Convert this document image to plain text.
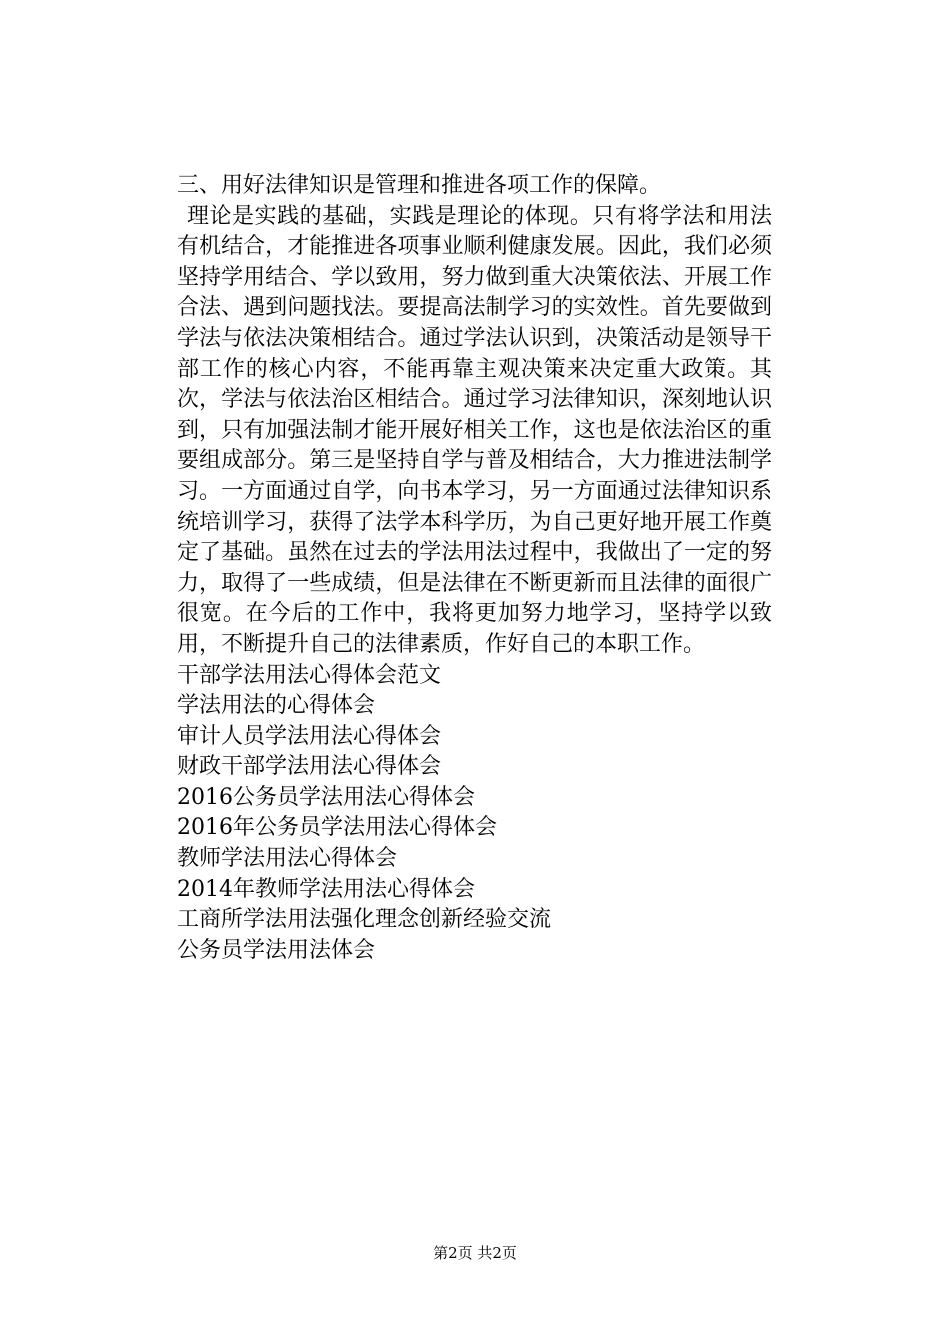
三、用好法律知识是管理和推进各项工作的保障。

理论是实践的基础，实践是理论的体现。只有将学法和用法有机结合，才能推进各项事业顺利健康发展。因此，我们必须坚持学用结合、学以致用，努力做到重大决策依法、开展工作合法、遇到问题找法。要提高法制学习的实效性。首先要做到学法与依法决策相结合。通过学法认识到，决策活动是领导干部工作的核心内容，不能再靠主观决策来决定重大政策。其次，学法与依法治区相结合。通过学习法律知识，深刻地认识到，只有加强法制才能开展好相关工作，这也是依法治区的重要组成部分。第三是坚持自学与普及相结合，大力推进法制学习。一方面通过自学，向书本学习，另一方面通过法律知识系统培训学习，获得了法学本科学历，为自己更好地开展工作奠定了基础。虽然在过去的学法用法过程中，我做出了一定的努力，取得了一些成绩，但是法律在不断更新而且法律的面很广很宽。在今后的工作中，我将更加努力地学习，坚持学以致用，不断提升自己的法律素质，作好自己的本职工作。

干部学法用法心得体会范文
学法用法的心得体会
审计人员学法用法心得体会
财政干部学法用法心得体会
2016公务员学法用法心得体会
2016年公务员学法用法心得体会
教师学法用法心得体会
2014年教师学法用法心得体会
工商所学法用法强化理念创新经验交流
公务员学法用法体会
第2页 共2页
